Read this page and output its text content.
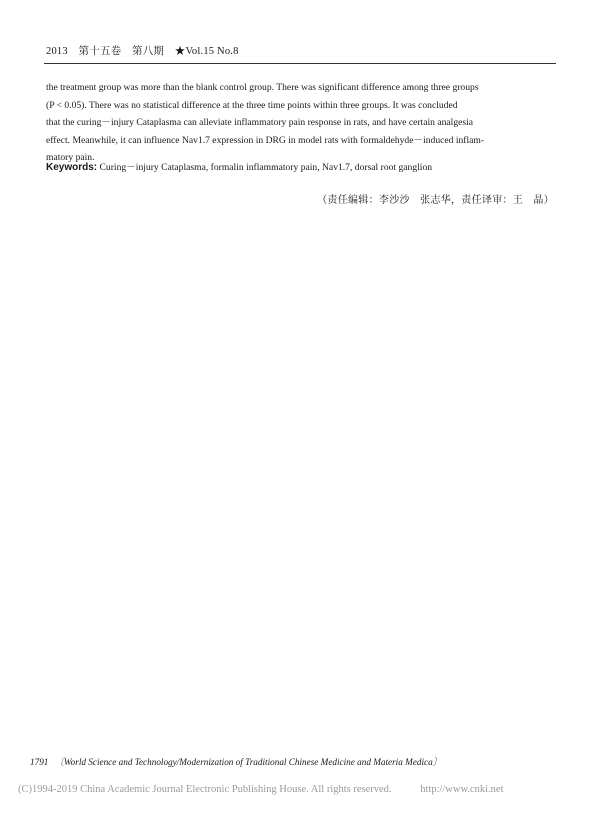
2013　第十五卷　第八期　★Vol.15 No.8
the treatment group was more than the blank control group. There was significant difference among three groups
(P < 0.05). There was no statistical difference at the three time points within three groups. It was concluded
that the curing－injury Cataplasma can alleviate inflammatory pain response in rats, and have certain analgesia
effect. Meanwhile, it can influence Nav1.7 expression in DRG in model rats with formaldehyde－induced inflam-
matory pain.
Keywords: Curing－injury Cataplasma, formalin inflammatory pain, Nav1.7, dorsal root ganglion
（责任编辑：李沙沙　张志华，责任译审：王　晶）
1791 〔World Science and Technology/Modernization of Traditional Chinese Medicine and Materia Medica〕
(C)1994-2019 China Academic Journal Electronic Publishing House. All rights reserved.	http://www.cnki.net
